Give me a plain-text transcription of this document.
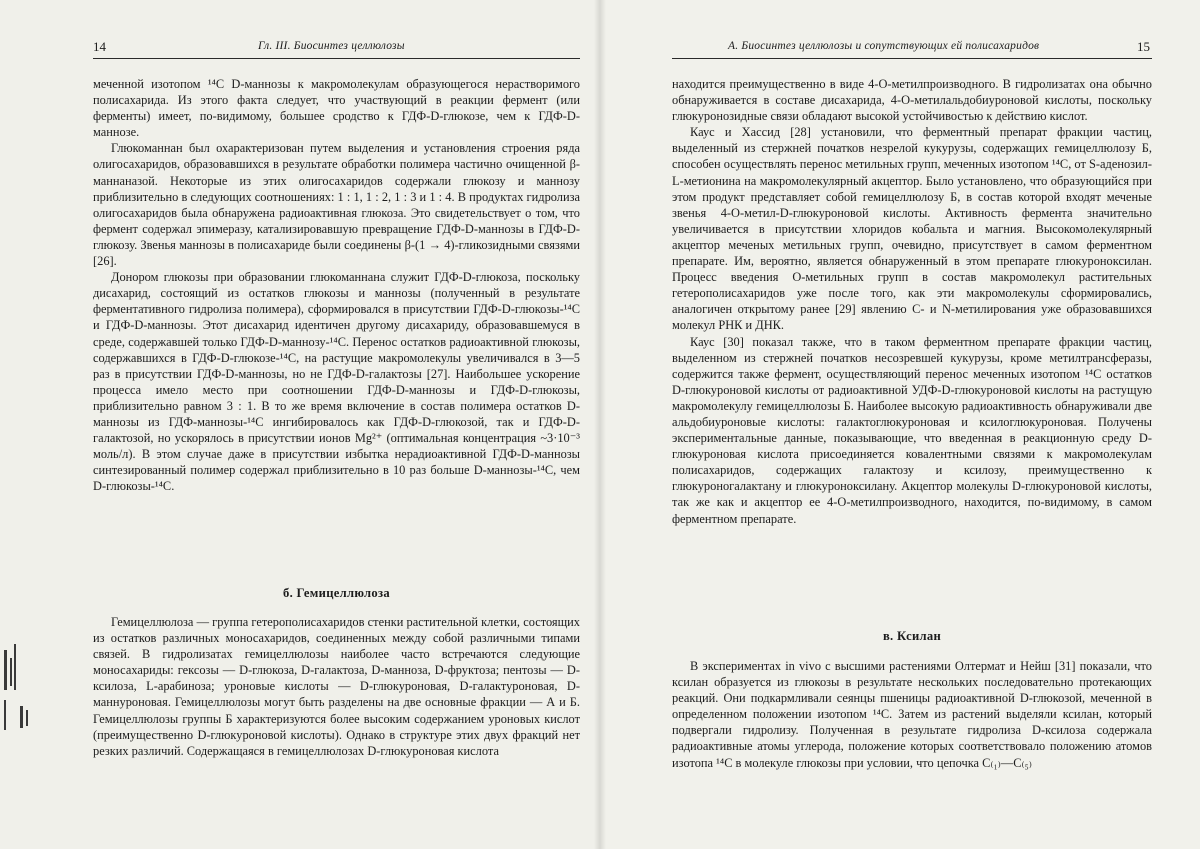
14	Гл. III. Биосинтез целлюлозы

меченной изотопом ¹⁴С D-маннозы к макромолекулам образующегося нерастворимого полисахарида. Из этого факта следует, что участвующий в реакции фермент (или ферменты) имеет, по-видимому, большее сродство к ГДФ-D-глюкозе, чем к ГДФ-D-маннозе.

Глюкоманнан был охарактеризован путем выделения и установления строения ряда олигосахаридов, образовавшихся в результате обработки полимера частично очищенной β-маннаназой. Некоторые из этих олигосахаридов содержали глюкозу и маннозу приблизительно в следующих соотношениях: 1 : 1, 1 : 2, 1 : 3 и 1 : 4. В продуктах гидролиза олигосахаридов была обнаружена радиоактивная глюкоза. Это свидетельствует о том, что фермент содержал эпимеразу, катализировавшую превращение ГДФ-D-маннозы в ГДФ-D-глюкозу. Звенья маннозы в полисахариде были соединены β-(1 → 4)-гликозидными связями [26].

Донором глюкозы при образовании глюкоманнана служит ГДФ-D-глюкоза, поскольку дисахарид, состоящий из остатков глюкозы и маннозы (полученный в результате ферментативного гидролиза полимера), сформировался в присутствии ГДФ-D-глюкозы-¹⁴С и ГДФ-D-маннозы. Этот дисахарид идентичен другому дисахариду, образовавшемуся в среде, содержавшей только ГДФ-D-маннозу-¹⁴С. Перенос остатков радиоактивной глюкозы, содержавшихся в ГДФ-D-глюкозе-¹⁴С, на растущие макромолекулы увеличивался в 3—5 раз в присутствии ГДФ-D-маннозы, но не ГДФ-D-галактозы [27]. Наибольшее ускорение процесса имело место при соотношении ГДФ-D-маннозы и ГДФ-D-глюкозы, приблизительно равном 3 : 1. В то же время включение в состав полимера остатков D-маннозы из ГДФ-маннозы-¹⁴С ингибировалось как ГДФ-D-глюкозой, так и ГДФ-D-галактозой, но ускорялось в присутствии ионов Mg²⁺ (оптимальная концентрация ~3·10⁻³ моль/л). В этом случае даже в присутствии избытка нерадиоактивной ГДФ-D-маннозы синтезированный полимер содержал приблизительно в 10 раз больше D-маннозы-¹⁴С, чем D-глюкозы-¹⁴С.

б. Гемицеллюлоза

Гемицеллюлоза — группа гетерополисахаридов стенки растительной клетки, состоящих из остатков различных моносахаридов, соединенных между собой различными типами связей. В гидролизатах гемицеллюлозы наиболее часто встречаются следующие моносахариды: гексозы — D-глюкоза, D-галактоза, D-манноза, D-фруктоза; пентозы — D-ксилоза, L-арабиноза; уроновые кислоты — D-глюкуроновая, D-галактуроновая, D-маннуроновая. Гемицеллюлозы могут быть разделены на две основные фракции — А и Б. Гемицеллюлозы группы Б характеризуются более высоким содержанием уроновых кислот (преимущественно D-глюкуроновой кислоты). Однако в структуре этих двух фракций нет резких различий. Содержащаяся в гемицеллюлозах D-глюкуроновая кислота

А. Биосинтез целлюлозы и сопутствующих ей полисахаридов	15

находится преимущественно в виде 4-О-метилпроизводного. В гидролизатах она обычно обнаруживается в составе дисахарида, 4-О-метилальдобиуроновой кислоты, поскольку глюкуронозидные связи обладают высокой устойчивостью к действию кислот.

Каус и Хассид [28] установили, что ферментный препарат фракции частиц, выделенный из стержней початков незрелой кукурузы, содержащих гемицеллюлозу Б, способен осуществлять перенос метильных групп, меченных изотопом ¹⁴С, от S-аденозил-L-метионина на макромолекулярный акцептор. Было установлено, что образующийся при этом продукт представляет собой гемицеллюлозу Б, в состав которой входят меченые звенья 4-О-метил-D-глюкуроновой кислоты. Активность фермента значительно увеличивается в присутствии хлоридов кобальта и магния. Высокомолекулярный акцептор меченых метильных групп, очевидно, присутствует в самом ферментном препарате. Им, вероятно, является обнаруженный в этом препарате глюкуроноксилан. Процесс введения О-метильных групп в состав макромолекул растительных гетерополисахаридов уже после того, как эти макромолекулы сформировались, аналогичен открытому ранее [29] явлению С- и N-метилирования уже образовавшихся молекул РНК и ДНК.

Каус [30] показал также, что в таком ферментном препарате фракции частиц, выделенном из стержней початков несозревшей кукурузы, кроме метилтрансферазы, содержится также фермент, осуществляющий перенос меченных изотопом ¹⁴С остатков D-глюкуроновой кислоты от радиоактивной УДФ-D-глюкуроновой кислоты на растущую макромолекулу гемицеллюлозы Б. Наиболее высокую радиоактивность обнаруживали две альдобиуроновые кислоты: галактоглюкуроновая и ксилоглюкуроновая. Получены экспериментальные данные, показывающие, что введенная в реакционную среду D-глюкуроновая кислота присоединяется ковалентными связями к макромолекулам полисахаридов, содержащих галактозу и ксилозу, преимущественно к глюкуроногалактану и глюкуроноксилану. Акцептор молекулы D-глюкуроновой кислоты, так же как и акцептор ее 4-О-метилпроизводного, находится, по-видимому, в самом ферментном препарате.

в. Ксилан

В экспериментах in vivo с высшими растениями Олтермат и Нейш [31] показали, что ксилан образуется из глюкозы в результате нескольких последовательно протекающих реакций. Они подкармливали сеянцы пшеницы радиоактивной D-глюкозой, меченной в определенном положении изотопом ¹⁴С. Затем из растений выделяли ксилан, который подвергали гидролизу. Полученная в результате гидролиза D-ксилоза содержала радиоактивные атомы углерода, положение которых соответствовало положению атомов изотопа ¹⁴С в молекуле глюкозы при условии, что цепочка C₍₁₎—C₍₅₎
